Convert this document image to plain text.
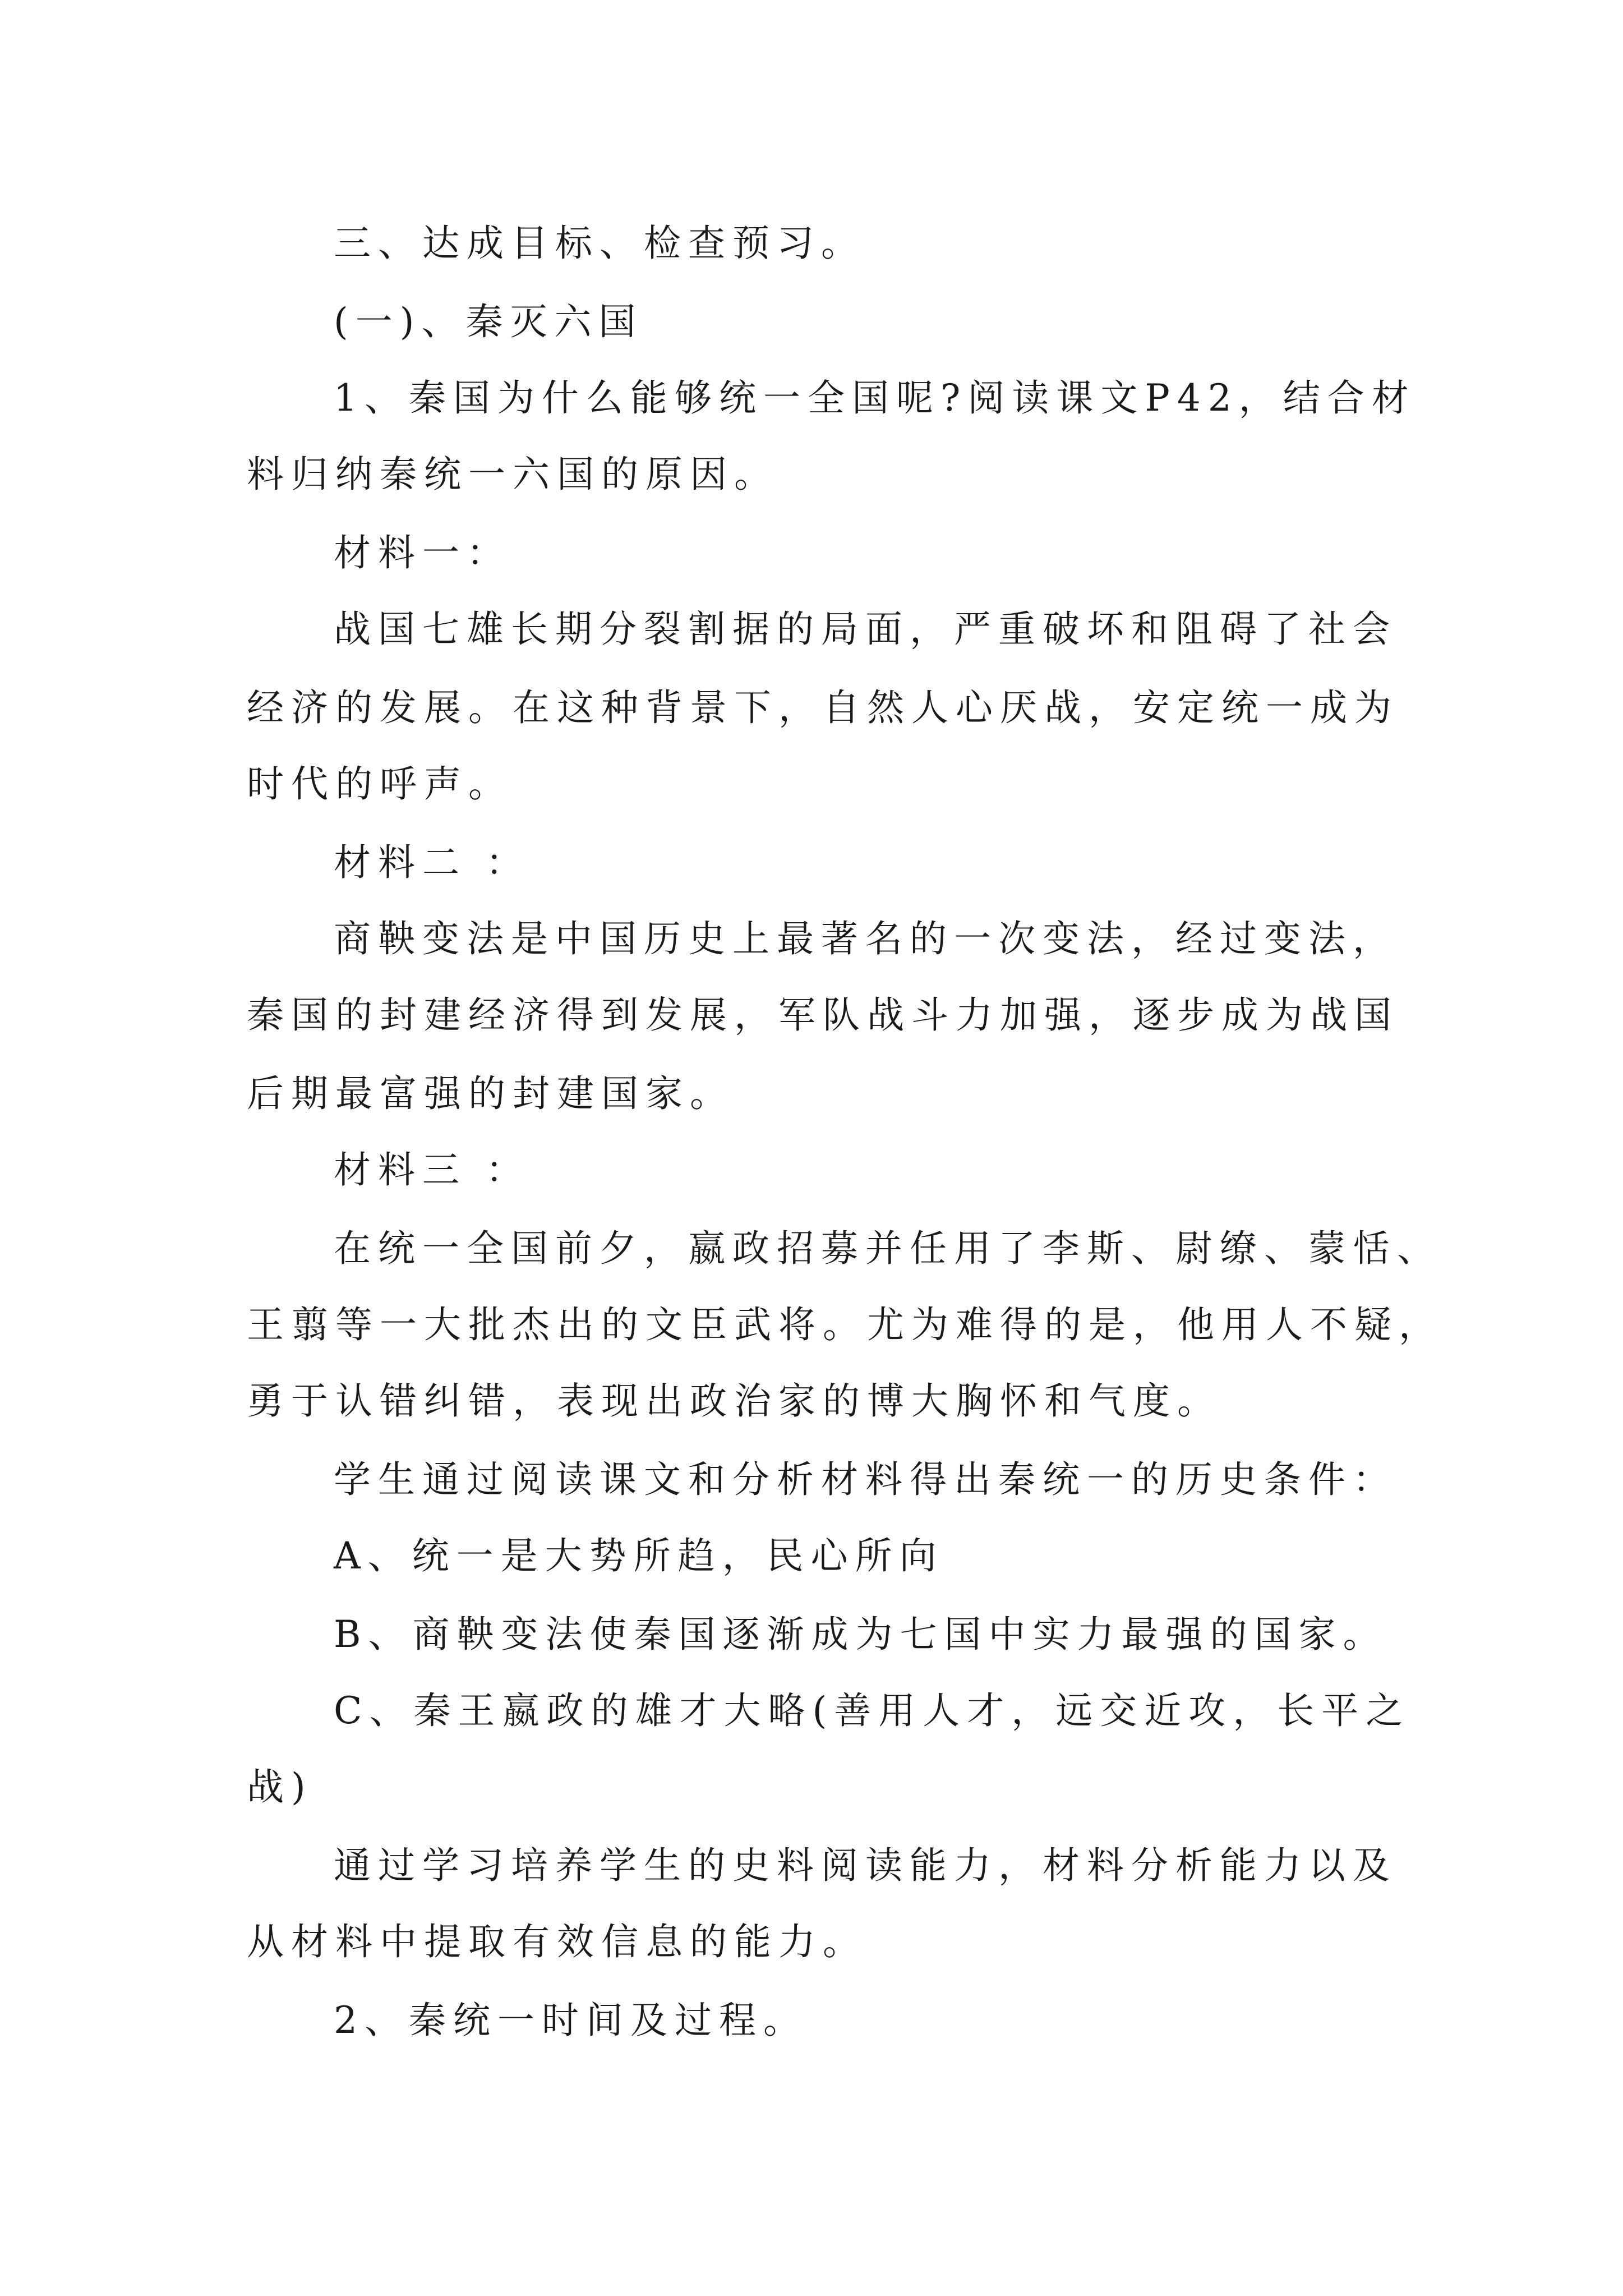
三、达成目标、检查预习。
(一)、秦灭六国
1、秦国为什么能够统一全国呢?阅读课文P42，结合材
料归纳秦统一六国的原因。
材料一：
战国七雄长期分裂割据的局面，严重破坏和阻碍了社会
经济的发展。在这种背景下，自然人心厌战，安定统一成为
时代的呼声。
材料二 ：
商鞅变法是中国历史上最著名的一次变法，经过变法，
秦国的封建经济得到发展，军队战斗力加强，逐步成为战国
后期最富强的封建国家。
材料三 ：
在统一全国前夕，嬴政招募并任用了李斯、尉缭、蒙恬、
王翦等一大批杰出的文臣武将。尤为难得的是，他用人不疑，
勇于认错纠错，表现出政治家的博大胸怀和气度。
学生通过阅读课文和分析材料得出秦统一的历史条件：
A、统一是大势所趋，民心所向
B、商鞅变法使秦国逐渐成为七国中实力最强的国家。
C、秦王嬴政的雄才大略(善用人才，远交近攻，长平之
战)
通过学习培养学生的史料阅读能力，材料分析能力以及
从材料中提取有效信息的能力。
2、秦统一时间及过程。
